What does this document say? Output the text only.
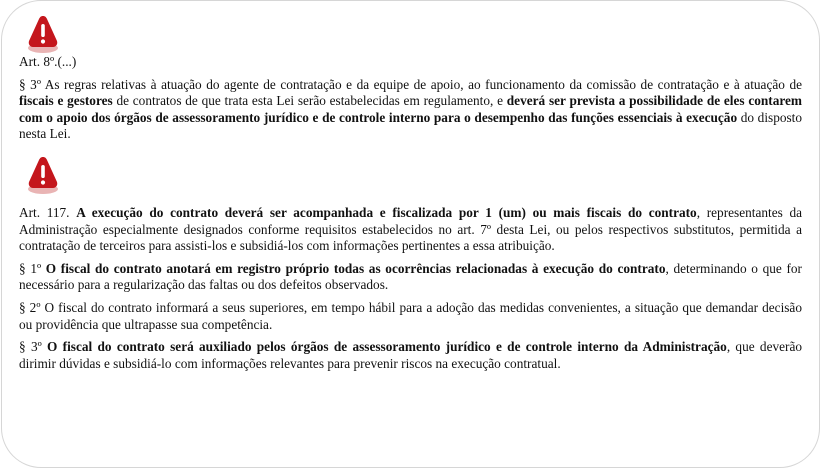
Art. 8º.(...)

§ 3º As regras relativas à atuação do agente de contratação e da equipe de apoio, ao funcionamento da comissão de contratação e à atuação de fiscais e gestores de contratos de que trata esta Lei serão estabelecidas em regulamento, e deverá ser prevista a possibilidade de eles contarem com o apoio dos órgãos de assessoramento jurídico e de controle interno para o desempenho das funções essenciais à execução do disposto nesta Lei.

Art. 117. A execução do contrato deverá ser acompanhada e fiscalizada por 1 (um) ou mais fiscais do contrato, representantes da Administração especialmente designados conforme requisitos estabelecidos no art. 7º desta Lei, ou pelos respectivos substitutos, permitida a contratação de terceiros para assisti-los e subsidiá-los com informações pertinentes a essa atribuição.

§ 1º O fiscal do contrato anotará em registro próprio todas as ocorrências relacionadas à execução do contrato, determinando o que for necessário para a regularização das faltas ou dos defeitos observados.

§ 2º O fiscal do contrato informará a seus superiores, em tempo hábil para a adoção das medidas convenientes, a situação que demandar decisão ou providência que ultrapasse sua competência.

§ 3º O fiscal do contrato será auxiliado pelos órgãos de assessoramento jurídico e de controle interno da Administração, que deverão dirimir dúvidas e subsidiá-lo com informações relevantes para prevenir riscos na execução contratual.
